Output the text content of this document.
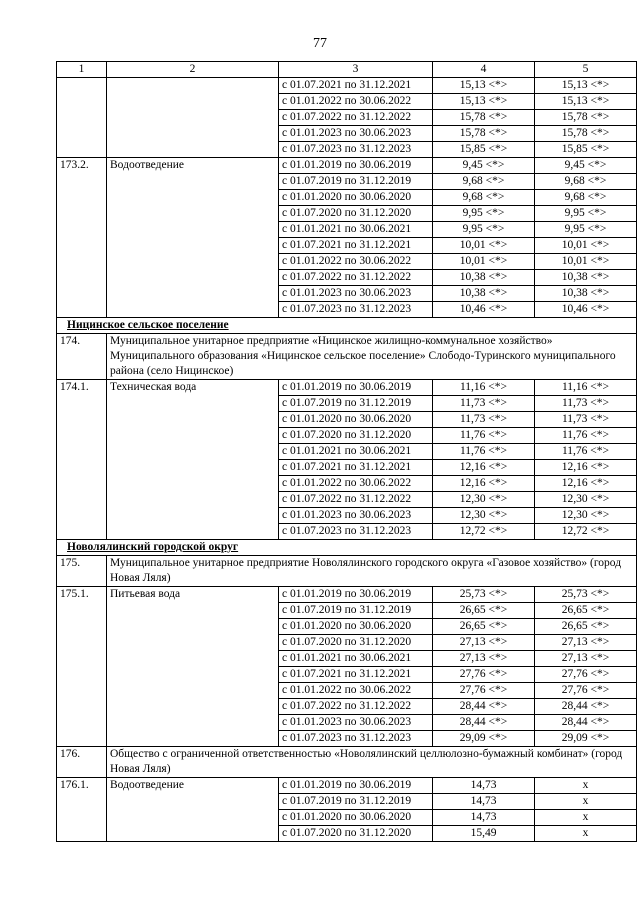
77
1	2	3	4	5
		с 01.07.2021 по 31.12.2021	15,13 <*>	15,13 <*>
		с 01.01.2022 по 30.06.2022	15,13 <*>	15,13 <*>
		с 01.07.2022 по 31.12.2022	15,78 <*>	15,78 <*>
		с 01.01.2023 по 30.06.2023	15,78 <*>	15,78 <*>
		с 01.07.2023 по 31.12.2023	15,85 <*>	15,85 <*>
173.2.	Водоотведение	с 01.01.2019 по 30.06.2019	9,45 <*>	9,45 <*>
		с 01.07.2019 по 31.12.2019	9,68 <*>	9,68 <*>
		с 01.01.2020 по 30.06.2020	9,68 <*>	9,68 <*>
		с 01.07.2020 по 31.12.2020	9,95 <*>	9,95 <*>
		с 01.01.2021 по 30.06.2021	9,95 <*>	9,95 <*>
		с 01.07.2021 по 31.12.2021	10,01 <*>	10,01 <*>
		с 01.01.2022 по 30.06.2022	10,01 <*>	10,01 <*>
		с 01.07.2022 по 31.12.2022	10,38 <*>	10,38 <*>
		с 01.01.2023 по 30.06.2023	10,38 <*>	10,38 <*>
		с 01.07.2023 по 31.12.2023	10,46 <*>	10,46 <*>
Ницинское сельское поселение				
174.	Муниципальное унитарное предприятие «Ницинское жилищно-коммунальное хозяйство» Муниципального образования «Ницинское сельское поселение» Слободо-Туринского муниципального района (село Ницинское)			
174.1.	Техническая вода	с 01.01.2019 по 30.06.2019	11,16 <*>	11,16 <*>
		с 01.07.2019 по 31.12.2019	11,73 <*>	11,73 <*>
		с 01.01.2020 по 30.06.2020	11,73 <*>	11,73 <*>
		с 01.07.2020 по 31.12.2020	11,76 <*>	11,76 <*>
		с 01.01.2021 по 30.06.2021	11,76 <*>	11,76 <*>
		с 01.07.2021 по 31.12.2021	12,16 <*>	12,16 <*>
		с 01.01.2022 по 30.06.2022	12,16 <*>	12,16 <*>
		с 01.07.2022 по 31.12.2022	12,30 <*>	12,30 <*>
		с 01.01.2023 по 30.06.2023	12,30 <*>	12,30 <*>
		с 01.07.2023 по 31.12.2023	12,72 <*>	12,72 <*>
Новолялинский городской округ				
175.	Муниципальное унитарное предприятие Новолялинского городского округа «Газовое хозяйство» (город Новая Ляля)			
175.1.	Питьевая вода	с 01.01.2019 по 30.06.2019	25,73 <*>	25,73 <*>
		с 01.07.2019 по 31.12.2019	26,65 <*>	26,65 <*>
		с 01.01.2020 по 30.06.2020	26,65 <*>	26,65 <*>
		с 01.07.2020 по 31.12.2020	27,13 <*>	27,13 <*>
		с 01.01.2021 по 30.06.2021	27,13 <*>	27,13 <*>
		с 01.07.2021 по 31.12.2021	27,76 <*>	27,76 <*>
		с 01.01.2022 по 30.06.2022	27,76 <*>	27,76 <*>
		с 01.07.2022 по 31.12.2022	28,44 <*>	28,44 <*>
		с 01.01.2023 по 30.06.2023	28,44 <*>	28,44 <*>
		с 01.07.2023 по 31.12.2023	29,09 <*>	29,09 <*>
176.	Общество с ограниченной ответственностью «Новолялинский целлюлозно-бумажный комбинат» (город Новая Ляля)			
176.1.	Водоотведение	с 01.01.2019 по 30.06.2019	14,73	x
		с 01.07.2019 по 31.12.2019	14,73	x
		с 01.01.2020 по 30.06.2020	14,73	x
		с 01.07.2020 по 31.12.2020	15,49	x
